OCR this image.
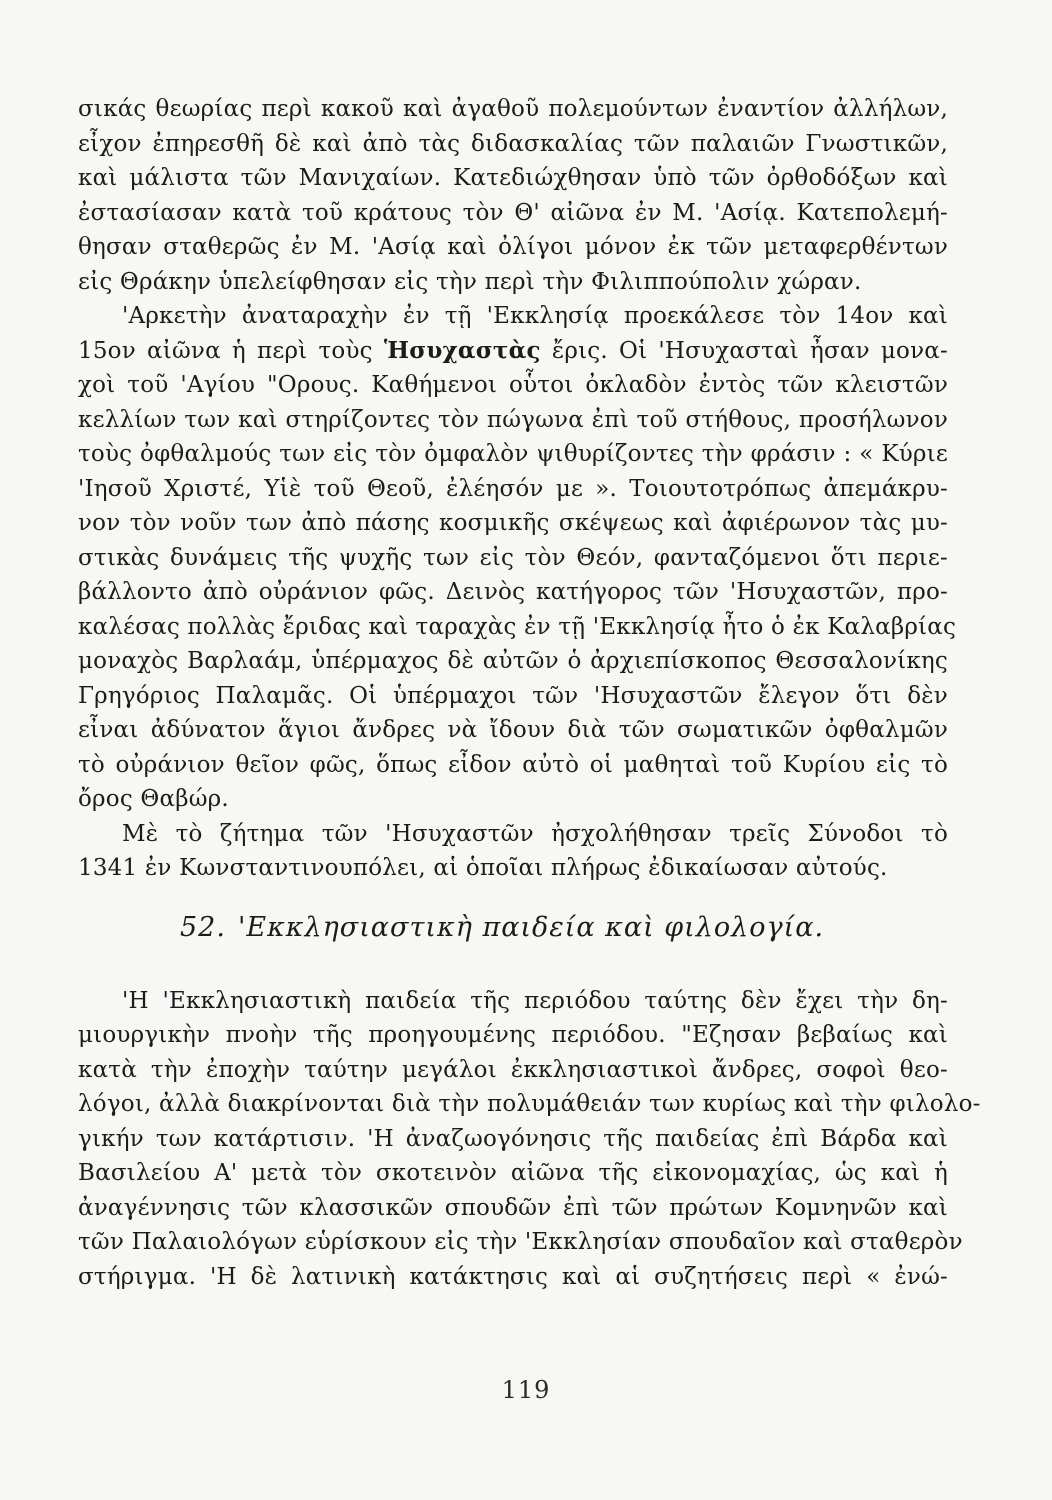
σικάς θεωρίας περὶ κακοῦ καὶ ἀγαθοῦ πολεμούντων ἐναντίον ἀλλήλων,
εἶχον ἐπηρεσθῆ δὲ καὶ ἀπὸ τὰς διδασκαλίας τῶν παλαιῶν Γνωστικῶν,
καὶ μάλιστα τῶν Μανιχαίων. Κατεδιώχθησαν ὑπὸ τῶν ὀρθοδόξων καὶ
ἐστασίασαν κατὰ τοῦ κράτους τὸν Θ' αἰῶνα ἐν Μ. 'Ασίᾳ. Κατεπολεμή-
θησαν σταθερῶς ἐν Μ. 'Ασίᾳ καὶ ὀλίγοι μόνον ἐκ τῶν μεταφερθέντων
εἰς Θράκην ὑπελείφθησαν εἰς τὴν περὶ τὴν Φιλιππούπολιν χώραν.
'Αρκετὴν ἀναταραχὴν ἐν τῇ 'Εκκλησίᾳ προεκάλεσε τὸν 14ον καὶ
15ον αἰῶνα ἡ περὶ τοὺς Ἡσυχαστὰς ἔρις. Οἱ 'Ησυχασταὶ ἦσαν μονα-
χοὶ τοῦ 'Αγίου "Ορους. Καθήμενοι οὗτοι ὀκλαδὸν ἐντὸς τῶν κλειστῶν
κελλίων των καὶ στηρίζοντες τὸν πώγωνα ἐπὶ τοῦ στήθους, προσήλωνον
τοὺς ὀφθαλμούς των εἰς τὸν ὀμφαλὸν ψιθυρίζοντες τὴν φράσιν : « Κύριε
'Ιησοῦ Χριστέ, Υἱὲ τοῦ Θεοῦ, ἐλέησόν με ». Τοιουτοτρόπως ἀπεμάκρυ-
νον τὸν νοῦν των ἀπὸ πάσης κοσμικῆς σκέψεως καὶ ἀφιέρωνον τὰς μυ-
στικὰς δυνάμεις τῆς ψυχῆς των εἰς τὸν Θεόν, φανταζόμενοι ὅτι περιε-
βάλλοντο ἀπὸ οὐράνιον φῶς. Δεινὸς κατήγορος τῶν 'Ησυχαστῶν, προ-
καλέσας πολλὰς ἔριδας καὶ ταραχὰς ἐν τῇ 'Εκκλησίᾳ ἦτο ὁ ἐκ Καλαβρίας
μοναχὸς Βαρλαάμ, ὑπέρμαχος δὲ αὐτῶν ὁ ἀρχιεπίσκοπος Θεσσαλονίκης
Γρηγόριος Παλαμᾶς. Οἱ ὑπέρμαχοι τῶν 'Ησυχαστῶν ἔλεγον ὅτι δὲν
εἶναι ἀδύνατον ἅγιοι ἄνδρες νὰ ἴδουν διὰ τῶν σωματικῶν ὀφθαλμῶν
τὸ οὐράνιον θεῖον φῶς, ὅπως εἶδον αὐτὸ οἱ μαθηταὶ τοῦ Κυρίου εἰς τὸ
ὄρος Θαβώρ.
Μὲ τὸ ζήτημα τῶν 'Ησυχαστῶν ἠσχολήθησαν τρεῖς Σύνοδοι τὸ
1341 ἐν Κωνσταντινουπόλει, αἱ ὁποῖαι πλήρως ἐδικαίωσαν αὐτούς.
52. 'Εκκλησιαστικὴ παιδεία καὶ φιλολογία.
'Η 'Εκκλησιαστικὴ παιδεία τῆς περιόδου ταύτης δὲν ἔχει τὴν δη-
μιουργικὴν πνοὴν τῆς προηγουμένης περιόδου. "Εζησαν βεβαίως καὶ
κατὰ τὴν ἐποχὴν ταύτην μεγάλοι ἐκκλησιαστικοὶ ἄνδρες, σοφοὶ θεο-
λόγοι, ἀλλὰ διακρίνονται διὰ τὴν πολυμάθειάν των κυρίως καὶ τὴν φιλολο-
γικήν των κατάρτισιν. 'Η ἀναζωογόνησις τῆς παιδείας ἐπὶ Βάρδα καὶ
Βασιλείου Α' μετὰ τὸν σκοτεινὸν αἰῶνα τῆς εἰκονομαχίας, ὡς καὶ ἡ
ἀναγέννησις τῶν κλασσικῶν σπουδῶν ἐπὶ τῶν πρώτων Κομνηνῶν καὶ
τῶν Παλαιολόγων εὑρίσκουν εἰς τὴν 'Εκκλησίαν σπουδαῖον καὶ σταθερὸν
στήριγμα. 'Η δὲ λατινικὴ κατάκτησις καὶ αἱ συζητήσεις περὶ « ἐνώ-
119
